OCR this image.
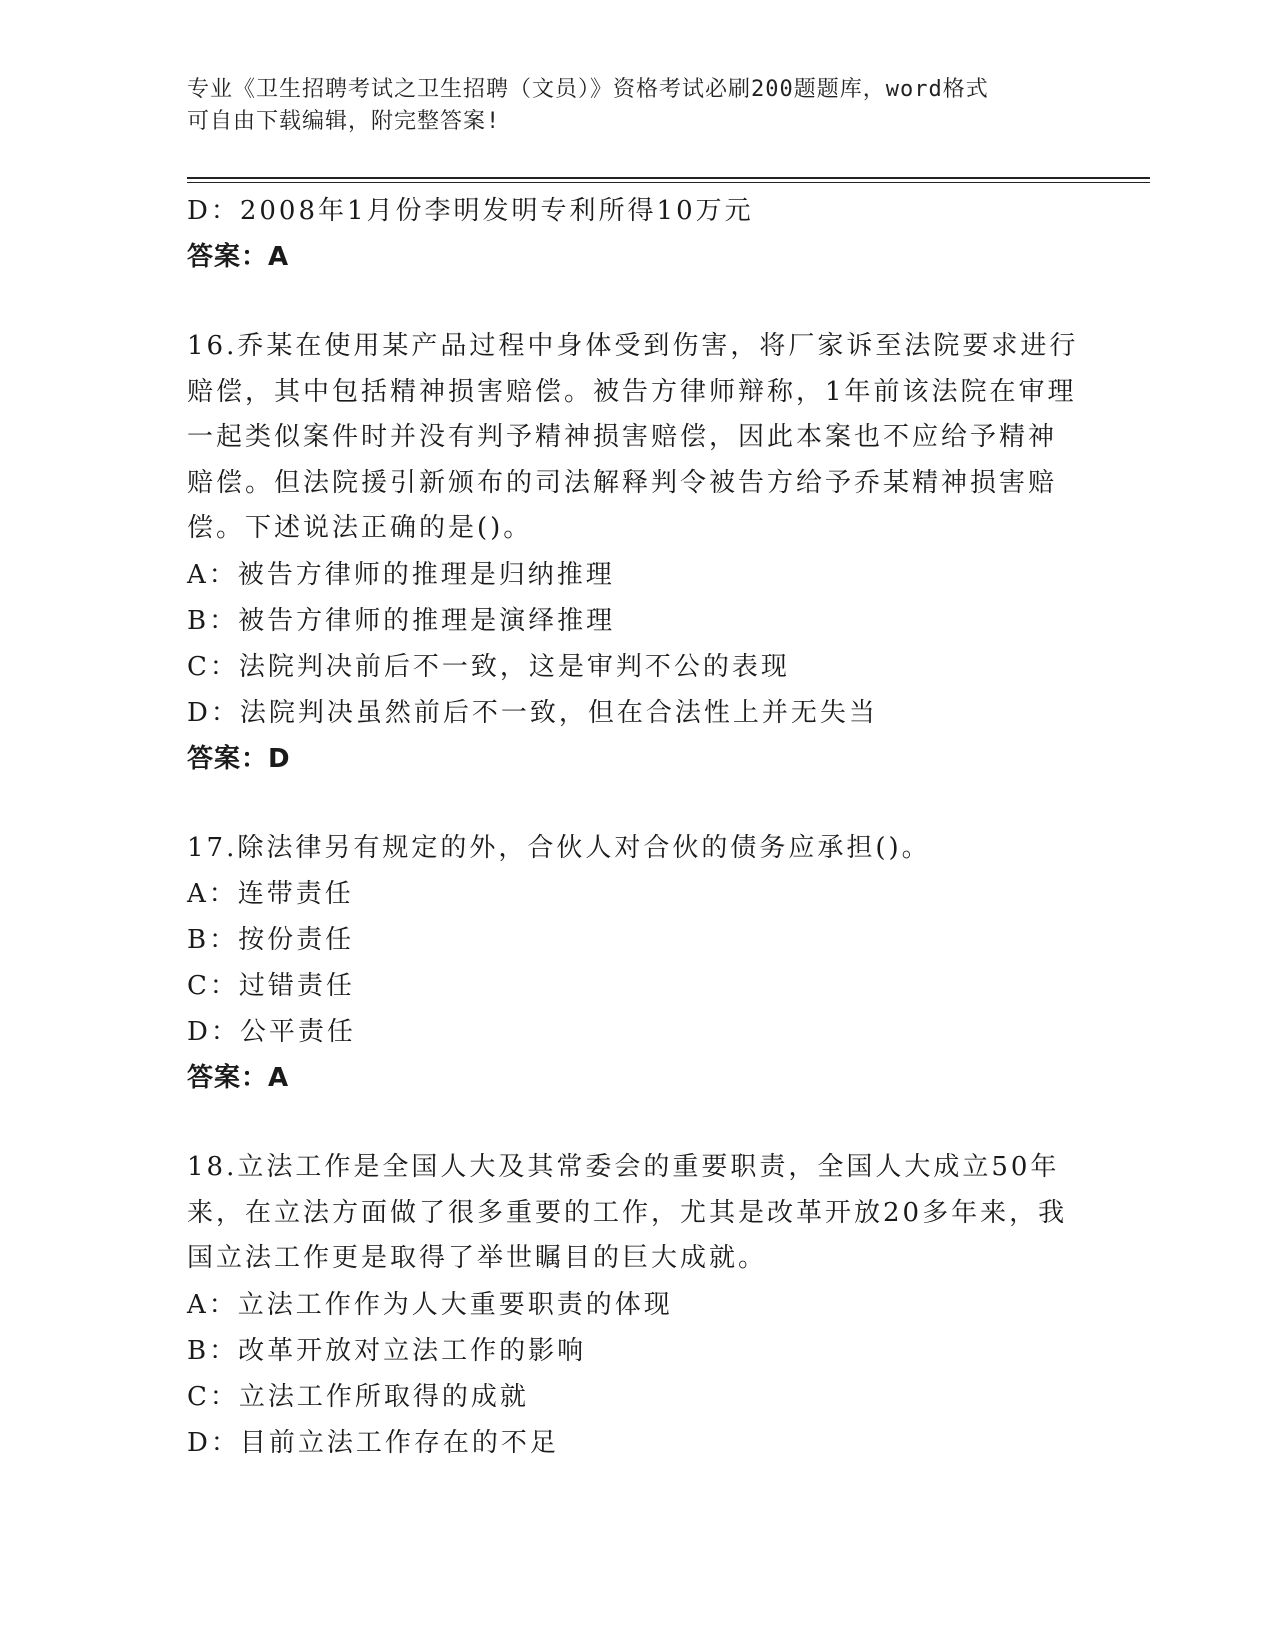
专业《卫生招聘考试之卫生招聘（文员）》资格考试必刷200题题库，word格式
可自由下载编辑，附完整答案!
D：2008年1月份李明发明专利所得10万元
答案：A
16.乔某在使用某产品过程中身体受到伤害，将厂家诉至法院要求进行
赔偿，其中包括精神损害赔偿。被告方律师辩称，1年前该法院在审理
一起类似案件时并没有判予精神损害赔偿，因此本案也不应给予精神
赔偿。但法院援引新颁布的司法解释判令被告方给予乔某精神损害赔
偿。下述说法正确的是()。
A：被告方律师的推理是归纳推理
B：被告方律师的推理是演绎推理
C：法院判决前后不一致，这是审判不公的表现
D：法院判决虽然前后不一致，但在合法性上并无失当
答案：D
17.除法律另有规定的外，合伙人对合伙的债务应承担()。
A：连带责任
B：按份责任
C：过错责任
D：公平责任
答案：A
18.立法工作是全国人大及其常委会的重要职责，全国人大成立50年
来，在立法方面做了很多重要的工作，尤其是改革开放20多年来，我
国立法工作更是取得了举世瞩目的巨大成就。
A：立法工作作为人大重要职责的体现
B：改革开放对立法工作的影响
C：立法工作所取得的成就
D：目前立法工作存在的不足
